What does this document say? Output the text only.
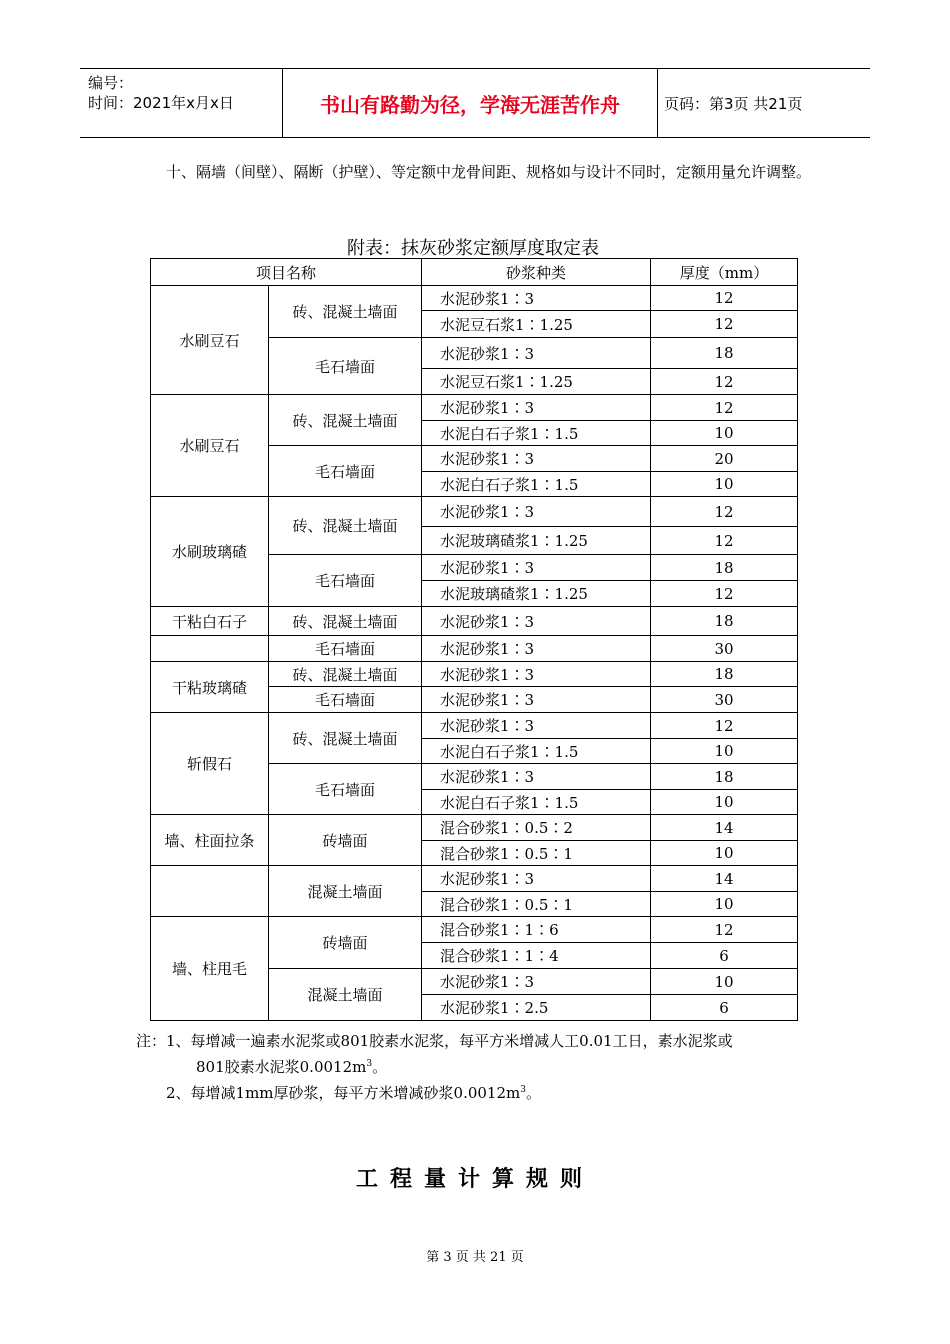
编号：
时间：2021年x月x日	书山有路勤为径，学海无涯苦作舟	页码：第3页 共21页
十、隔墙（间壁）、隔断（护壁）、等定额中龙骨间距、规格如与设计不同时，定额用量允许调整。
附表：抹灰砂浆定额厚度取定表
项目名称		砂浆种类	厚度（mm）
水刷豆石	砖、混凝土墙面	水泥砂浆1∶3	12
		水泥豆石浆1∶1.25	12
	毛石墙面	水泥砂浆1∶3	18
		水泥豆石浆1∶1.25	12
水刷豆石	砖、混凝土墙面	水泥砂浆1∶3	12
		水泥白石子浆1∶1.5	10
	毛石墙面	水泥砂浆1∶3	20
		水泥白石子浆1∶1.5	10
水刷玻璃碴	砖、混凝土墙面	水泥砂浆1∶3	12
		水泥玻璃碴浆1∶1.25	12
	毛石墙面	水泥砂浆1∶3	18
		水泥玻璃碴浆1∶1.25	12
干粘白石子	砖、混凝土墙面	水泥砂浆1∶3	18
	毛石墙面	水泥砂浆1∶3	30
干粘玻璃碴	砖、混凝土墙面	水泥砂浆1∶3	18
	毛石墙面	水泥砂浆1∶3	30
斩假石	砖、混凝土墙面	水泥砂浆1∶3	12
		水泥白石子浆1∶1.5	10
	毛石墙面	水泥砂浆1∶3	18
		水泥白石子浆1∶1.5	10
墙、柱面拉条	砖墙面	混合砂浆1∶0.5∶2	14
		混合砂浆1∶0.5∶1	10
	混凝土墙面	水泥砂浆1∶3	14
		混合砂浆1∶0.5∶1	10
墙、柱甩毛	砖墙面	混合砂浆1∶1∶6	12
		混合砂浆1∶1∶4	6
	混凝土墙面	水泥砂浆1∶3	10
		水泥砂浆1∶2.5	6
注：1、每增减一遍素水泥浆或801胶素水泥浆，每平方米增减人工0.01工日，素水泥浆或
801胶素水泥浆$0.0012m^3$。
2、每增减1mm厚砂浆，每平方米增减砂浆$0.0012m^3$。
工程量计算规则
第 3 页 共 21 页
